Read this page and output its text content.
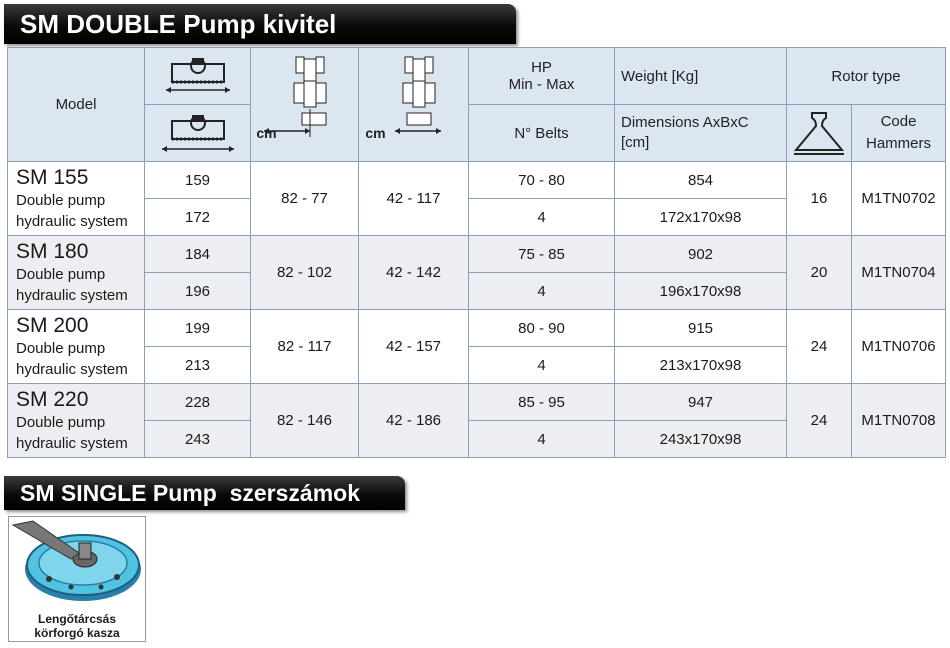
SM DOUBLE Pump kivitel
Model		cm	cm	HP
Min - Max	Weight [Kg]	Rotor type	

	N° Belts	Dimensions AxBxC
[cm]		Code
Hammers

SM 155
Double pump
hydraulic system	159	82 - 77	42 - 117	70 - 80	854	16	M1TN0702
	172			4	172x170x98		

SM 180
Double pump
hydraulic system	184	82 - 102	42 - 142	75 - 85	902	20	M1TN0704
	196			4	196x170x98		

SM 200
Double pump
hydraulic system	199	82 - 117	42 - 157	80 - 90	915	24	M1TN0706
	213			4	213x170x98		

SM 220
Double pump
hydraulic system	228	82 - 146	42 - 186	85 - 95	947	24	M1TN0708
	243			4	243x170x98		
SM SINGLE Pump  szerszámok
Lengőtárcsás
körforgó kasza
